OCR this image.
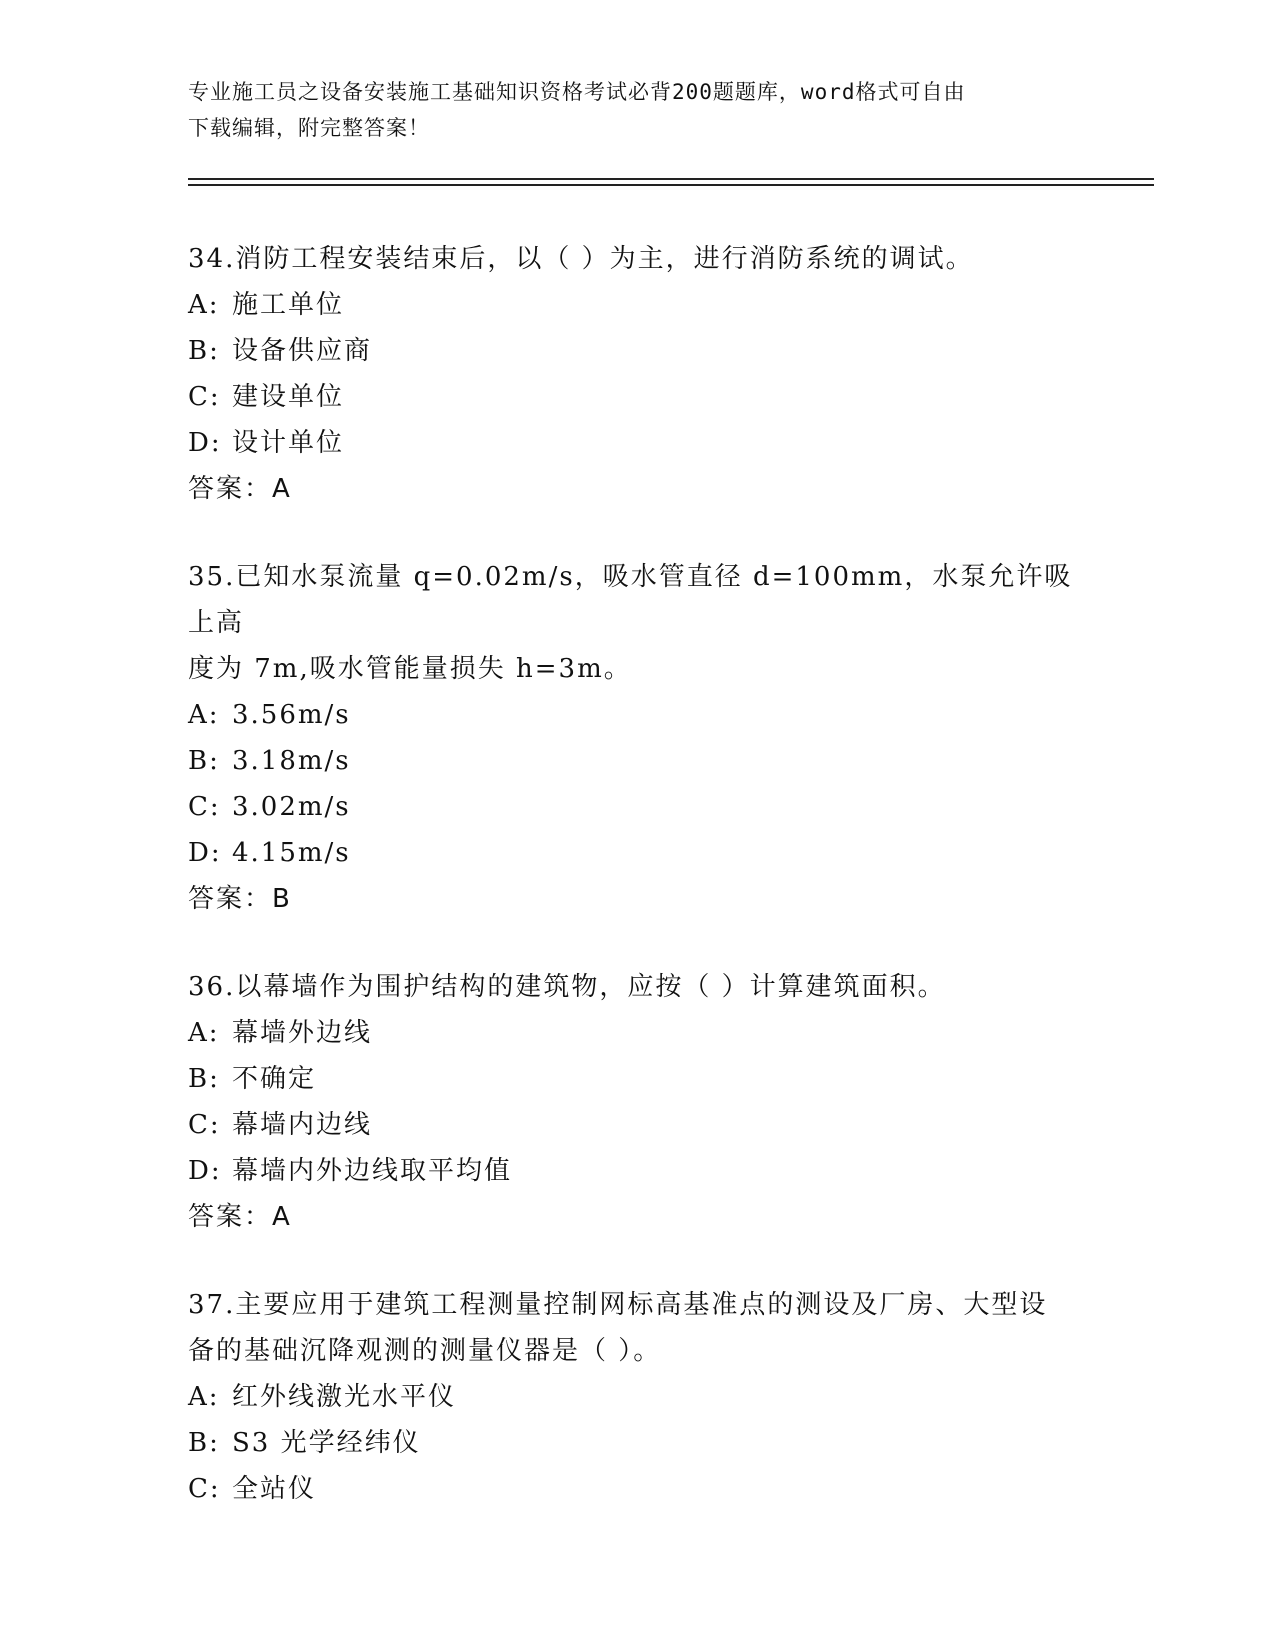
专业施工员之设备安装施工基础知识资格考试必背200题题库，word格式可自由
下载编辑，附完整答案！

34.消防工程安装结束后，以（ ）为主，进行消防系统的调试。

A: 施工单位

B: 设备供应商

C: 建设单位

D: 设计单位

答案：A

35.已知水泵流量 q=0.02m/s，吸水管直径 d=100mm，水泵允许吸上高

度为 7m,吸水管能量损失 h=3m。

A: 3.56m/s

B: 3.18m/s

C: 3.02m/s

D: 4.15m/s

答案：B

36.以幕墙作为围护结构的建筑物，应按（ ）计算建筑面积。

A: 幕墙外边线

B: 不确定

C: 幕墙内边线

D: 幕墙内外边线取平均值

答案：A

37.主要应用于建筑工程测量控制网标高基准点的测设及厂房、大型设

备的基础沉降观测的测量仪器是（ ）。

A: 红外线激光水平仪

B: S3 光学经纬仪

C: 全站仪
